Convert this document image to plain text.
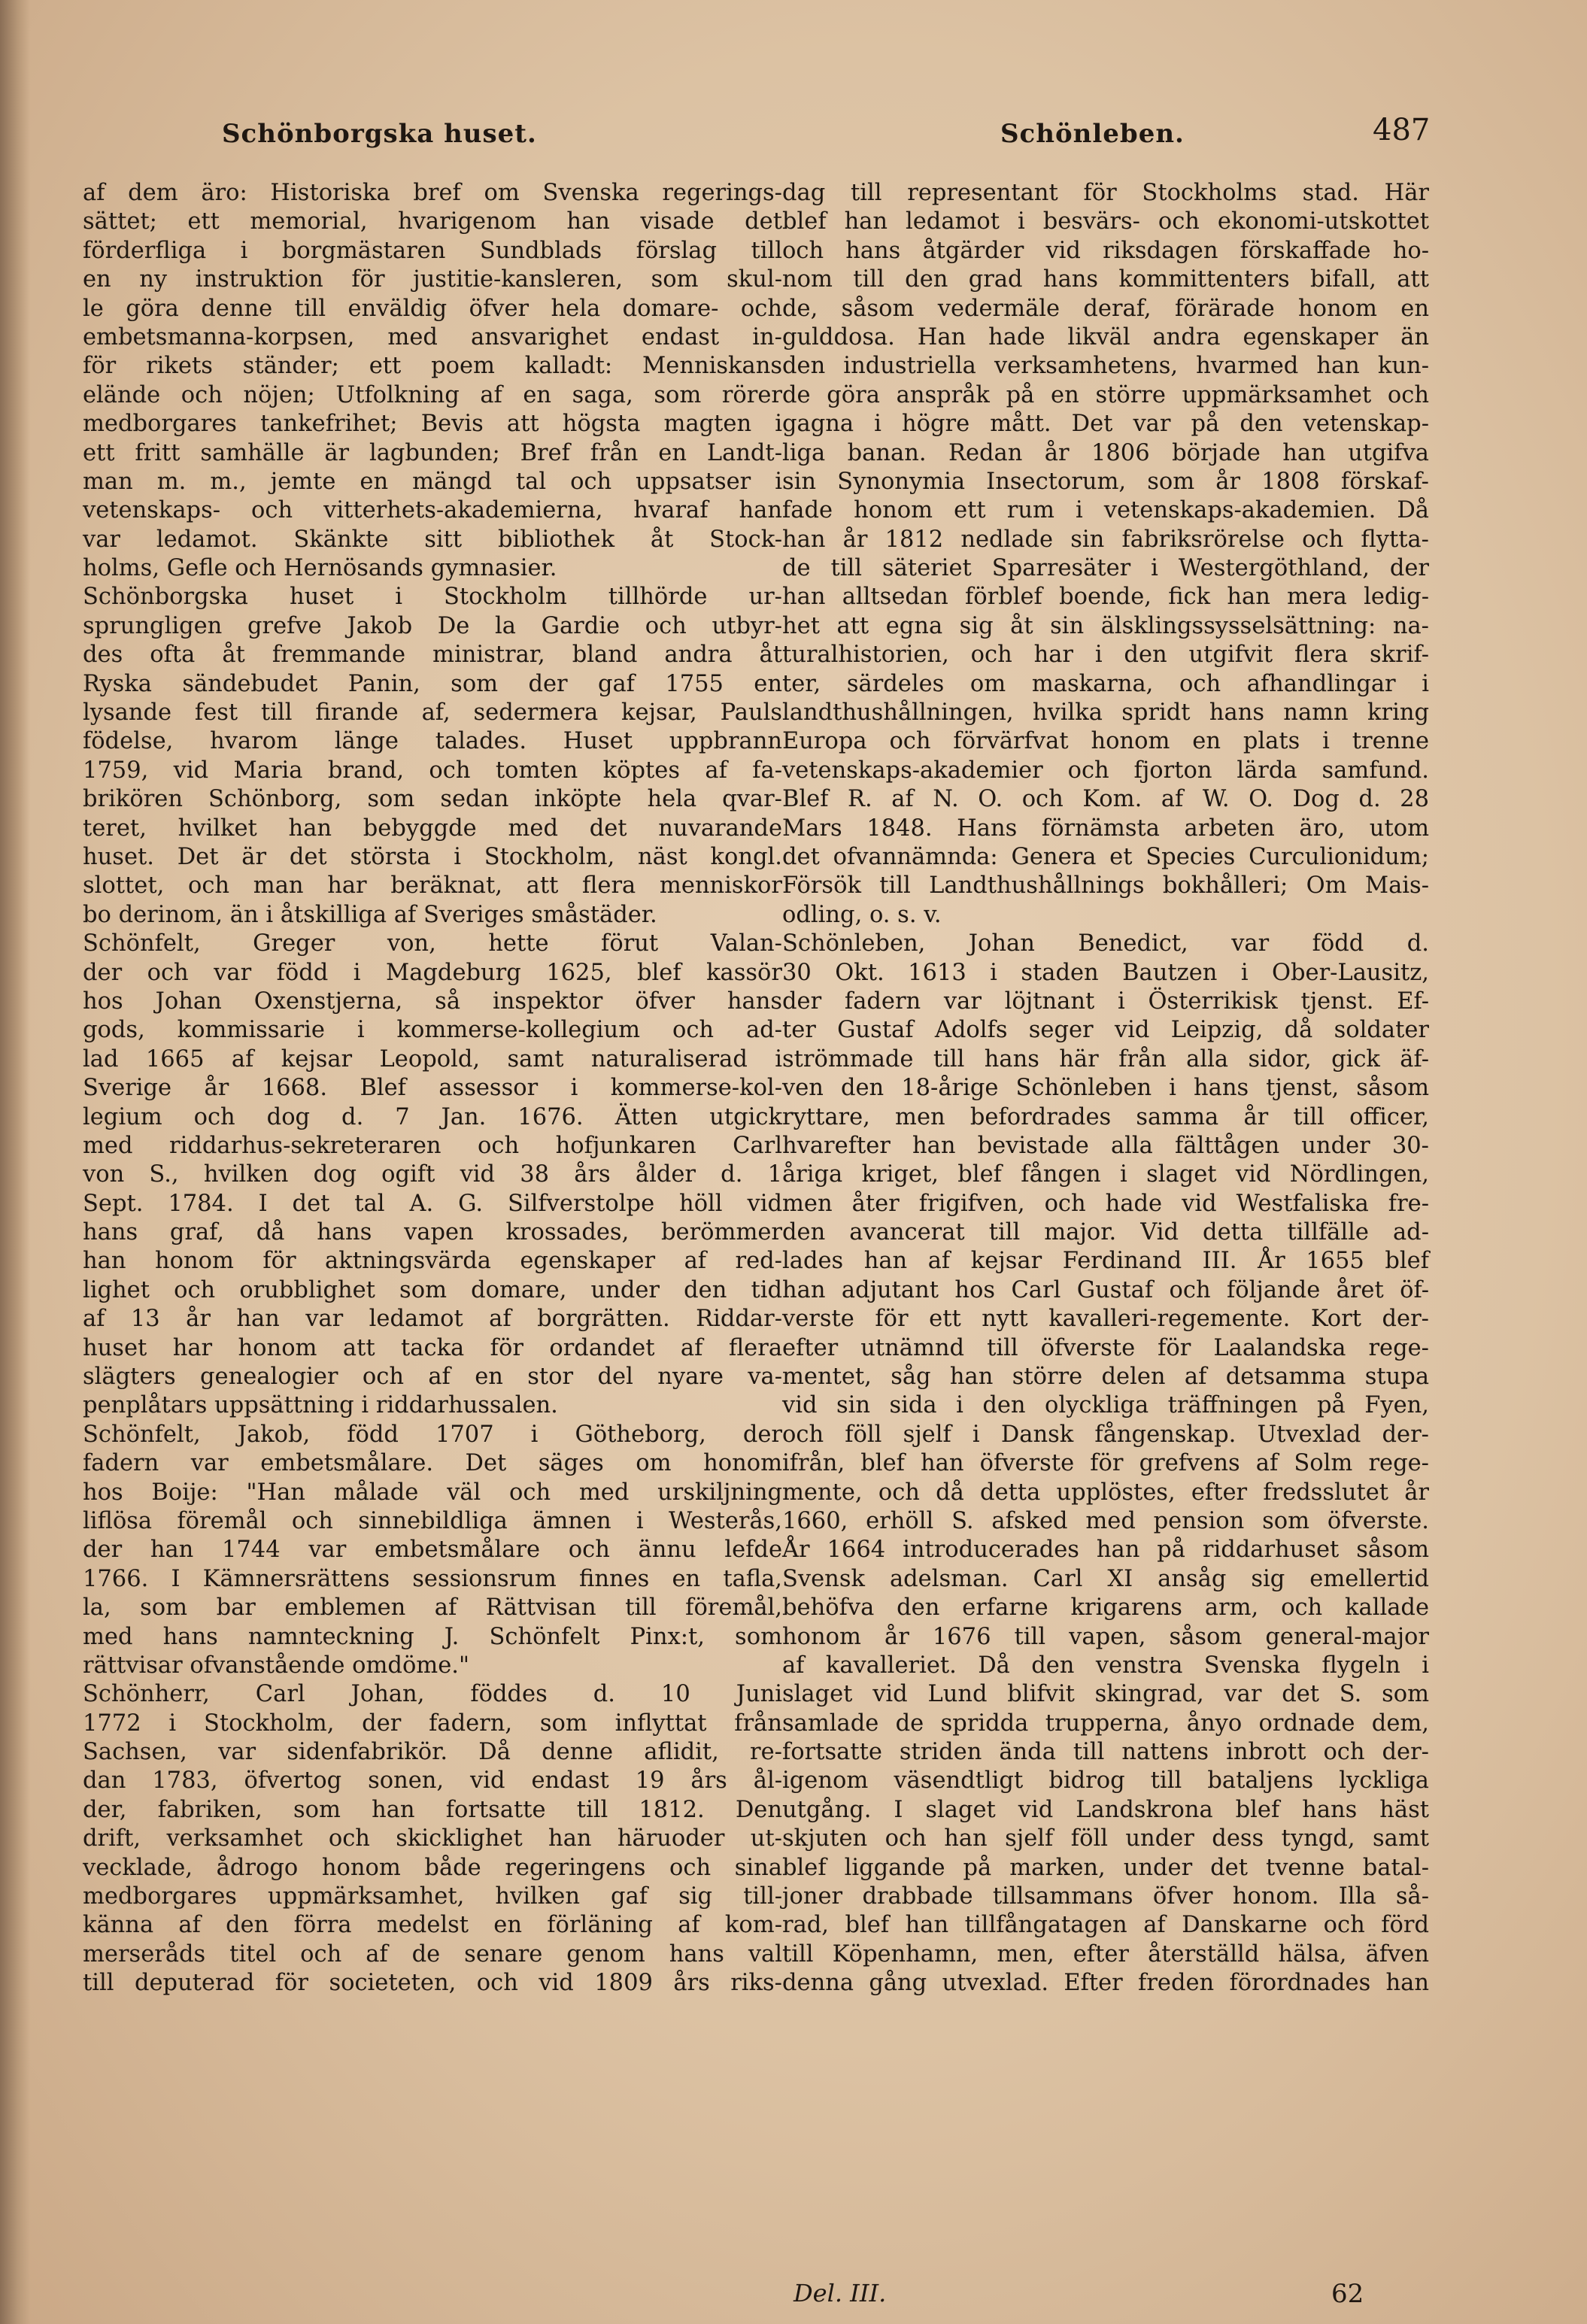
Schönborgska huset.	Schönleben.	487
af dem äro: Historiska bref om Svenska regerings-
sättet; ett memorial, hvarigenom han visade det
förderfliga i borgmästaren Sundblads förslag till
en ny instruktion för justitie-kansleren, som skul-
le göra denne till enväldig öfver hela domare- och
embetsmanna-korpsen, med ansvarighet endast in-
för rikets ständer; ett poem kalladt: Menniskans
elände och nöjen; Utfolkning af en saga, som rörer
medborgares tankefrihet; Bevis att högsta magten i
ett fritt samhälle är lagbunden; Bref från en Landt-
man m. m., jemte en mängd tal och uppsatser i
vetenskaps- och vitterhets-akademierna, hvaraf han
var ledamot. Skänkte sitt bibliothek åt Stock-
holms, Gefle och Hernösands gymnasier.
Schönborgska huset i Stockholm tillhörde ur-
sprungligen grefve Jakob De la Gardie och utbyr-
des ofta åt fremmande ministrar, bland andra åt
Ryska sändebudet Panin, som der gaf 1755 en
lysande fest till firande af, sedermera kejsar, Pauls
födelse, hvarom länge talades. Huset uppbrann
1759, vid Maria brand, och tomten köptes af fa-
brikören Schönborg, som sedan inköpte hela qvar-
teret, hvilket han bebyggde med det nuvarande
huset. Det är det största i Stockholm, näst kongl.
slottet, och man har beräknat, att flera menniskor
bo derinom, än i åtskilliga af Sveriges småstäder.
Schönfelt, Greger von, hette förut Valan-
der och var född i Magdeburg 1625, blef kassör
hos Johan Oxenstjerna, så inspektor öfver hans
gods, kommissarie i kommerse-kollegium och ad-
lad 1665 af kejsar Leopold, samt naturaliserad i
Sverige år 1668. Blef assessor i kommerse-kol-
legium och dog d. 7 Jan. 1676. Ätten utgick
med riddarhus-sekreteraren och hofjunkaren Carl
von S., hvilken dog ogift vid 38 års ålder d. 1
Sept. 1784. I det tal A. G. Silfverstolpe höll vid
hans graf, då hans vapen krossades, berömmer
han honom för aktningsvärda egenskaper af red-
lighet och orubblighet som domare, under den tid
af 13 år han var ledamot af borgrätten. Riddar-
huset har honom att tacka för ordandet af flera
slägters genealogier och af en stor del nyare va-
penplåtars uppsättning i riddarhussalen.
Schönfelt, Jakob, född 1707 i Götheborg, der
fadern var embetsmålare. Det säges om honom
hos Boije: "Han målade väl och med urskiljning
liflösa föremål och sinnebildliga ämnen i Westerås,
der han 1744 var embetsmålare och ännu lefde
1766. I Kämnersrättens sessionsrum finnes en tafla,
la, som bar emblemen af Rättvisan till föremål,
med hans namnteckning J. Schönfelt Pinx:t, som
rättvisar ofvanstående omdöme."
Schönherr, Carl Johan, föddes d. 10 Juni
1772 i Stockholm, der fadern, som inflyttat från
Sachsen, var sidenfabrikör. Då denne aflidit, re-
dan 1783, öfvertog sonen, vid endast 19 års ål-
der, fabriken, som han fortsatte till 1812. Den
drift, verksamhet och skicklighet han häruoder ut-
vecklade, ådrogo honom både regeringens och sina
medborgares uppmärksamhet, hvilken gaf sig till-
känna af den förra medelst en förläning af kom-
merseråds titel och af de senare genom hans val
till deputerad för societeten, och vid 1809 års riks-
dag till representant för Stockholms stad. Här
blef han ledamot i besvärs- och ekonomi-utskottet
och hans åtgärder vid riksdagen förskaffade ho-
nom till den grad hans kommittenters bifall, att
de, såsom vedermäle deraf, förärade honom en
gulddosa. Han hade likväl andra egenskaper än
den industriella verksamhetens, hvarmed han kun-
de göra anspråk på en större uppmärksamhet och
gagna i högre mått. Det var på den vetenskap-
liga banan. Redan år 1806 började han utgifva
sin Synonymia Insectorum, som år 1808 förskaf-
fade honom ett rum i vetenskaps-akademien. Då
han år 1812 nedlade sin fabriksrörelse och flytta-
de till säteriet Sparresäter i Westergöthland, der
han alltsedan förblef boende, fick han mera ledig-
het att egna sig åt sin älsklingssysselsättning: na-
turalhistorien, och har i den utgifvit flera skrif-
ter, särdeles om maskarna, och afhandlingar i
landthushållningen, hvilka spridt hans namn kring
Europa och förvärfvat honom en plats i trenne
vetenskaps-akademier och fjorton lärda samfund.
Blef R. af N. O. och Kom. af W. O. Dog d. 28
Mars 1848. Hans förnämsta arbeten äro, utom
det ofvannämnda: Genera et Species Curculionidum;
Försök till Landthushållnings bokhålleri; Om Mais-
odling, o. s. v.
Schönleben, Johan Benedict, var född d.
30 Okt. 1613 i staden Bautzen i Ober-Lausitz,
der fadern var löjtnant i Österrikisk tjenst. Ef-
ter Gustaf Adolfs seger vid Leipzig, då soldater
strömmade till hans här från alla sidor, gick äf-
ven den 18-årige Schönleben i hans tjenst, såsom
ryttare, men befordrades samma år till officer,
hvarefter han bevistade alla fälttågen under 30-
åriga kriget, blef fången i slaget vid Nördlingen,
men åter frigifven, och hade vid Westfaliska fre-
den avancerat till major. Vid detta tillfälle ad-
lades han af kejsar Ferdinand III. År 1655 blef
han adjutant hos Carl Gustaf och följande året öf-
verste för ett nytt kavalleri-regemente. Kort der-
efter utnämnd till öfverste för Laalandska rege-
mentet, såg han större delen af detsamma stupa
vid sin sida i den olyckliga träffningen på Fyen,
och föll sjelf i Dansk fångenskap. Utvexlad der-
ifrån, blef han öfverste för grefvens af Solm rege-
mente, och då detta upplöstes, efter fredsslutet år
1660, erhöll S. afsked med pension som öfverste.
År 1664 introducerades han på riddarhuset såsom
Svensk adelsman. Carl XI ansåg sig emellertid
behöfva den erfarne krigarens arm, och kallade
honom år 1676 till vapen, såsom general-major
af kavalleriet. Då den venstra Svenska flygeln i
slaget vid Lund blifvit skingrad, var det S. som
samlade de spridda trupperna, ånyo ordnade dem,
fortsatte striden ända till nattens inbrott och der-
igenom väsendtligt bidrog till bataljens lyckliga
utgång. I slaget vid Landskrona blef hans häst
skjuten och han sjelf föll under dess tyngd, samt
blef liggande på marken, under det tvenne batal-
joner drabbade tillsammans öfver honom. Illa så-
rad, blef han tillfångatagen af Danskarne och förd
till Köpenhamn, men, efter återställd hälsa, äfven
denna gång utvexlad. Efter freden förordnades han
Del. III.	62
